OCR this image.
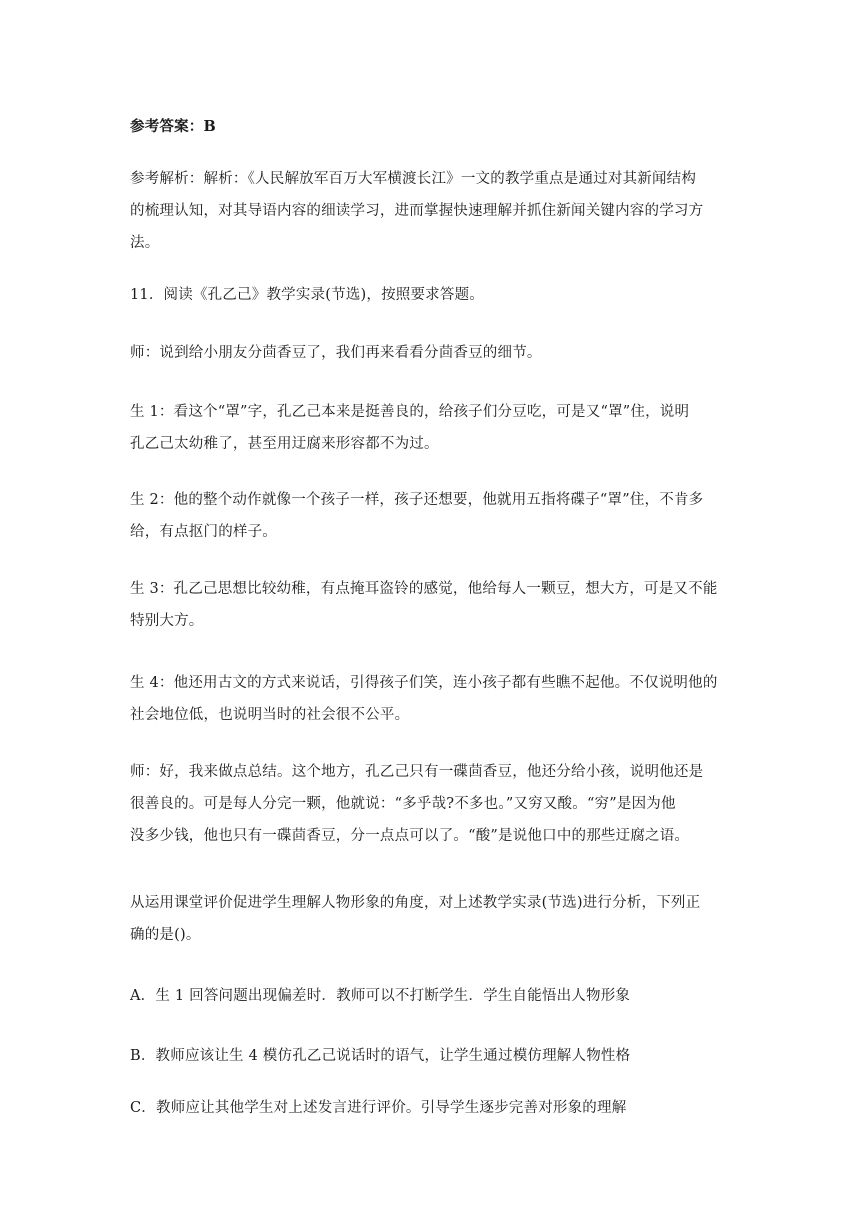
参考答案：B

参考解析：解析：《人民解放军百万大军横渡长江》一文的教学重点是通过对其新闻结构
的梳理认知，对其导语内容的细读学习，进而掌握快速理解并抓住新闻关键内容的学习方
法。

11．阅读《孔乙己》教学实录(节选)，按照要求答题。

师：说到给小朋友分茴香豆了，我们再来看看分茴香豆的细节。

生 1：看这个“罩”字，孔乙己本来是挺善良的，给孩子们分豆吃，可是又“罩”住，说明
孔乙己太幼稚了，甚至用迂腐来形容都不为过。
生 2：他的整个动作就像一个孩子一样，孩子还想要，他就用五指将碟子“罩”住，不肯多
给，有点抠门的样子。
生 3：孔乙己思想比较幼稚，有点掩耳盗铃的感觉，他给每人一颗豆，想大方，可是又不能
特别大方。
生 4：他还用古文的方式来说话，引得孩子们笑，连小孩子都有些瞧不起他。不仅说明他的
社会地位低，也说明当时的社会很不公平。
师：好，我来做点总结。这个地方，孔乙己只有一碟茴香豆，他还分给小孩，说明他还是
很善良的。可是每人分完一颗，他就说：“多乎哉?不多也。”又穷又酸。“穷”是因为他
没多少钱，他也只有一碟茴香豆，分一点点可以了。“酸”是说他口中的那些迂腐之语。
从运用课堂评价促进学生理解人物形象的角度，对上述教学实录(节选)进行分析，下列正
确的是()。

A．生 1 回答问题出现偏差时．教师可以不打断学生．学生自能悟出人物形象

B．教师应该让生 4 模仿孔乙己说话时的语气，让学生通过模仿理解人物性格

C．教师应让其他学生对上述发言进行评价。引导学生逐步完善对形象的理解
